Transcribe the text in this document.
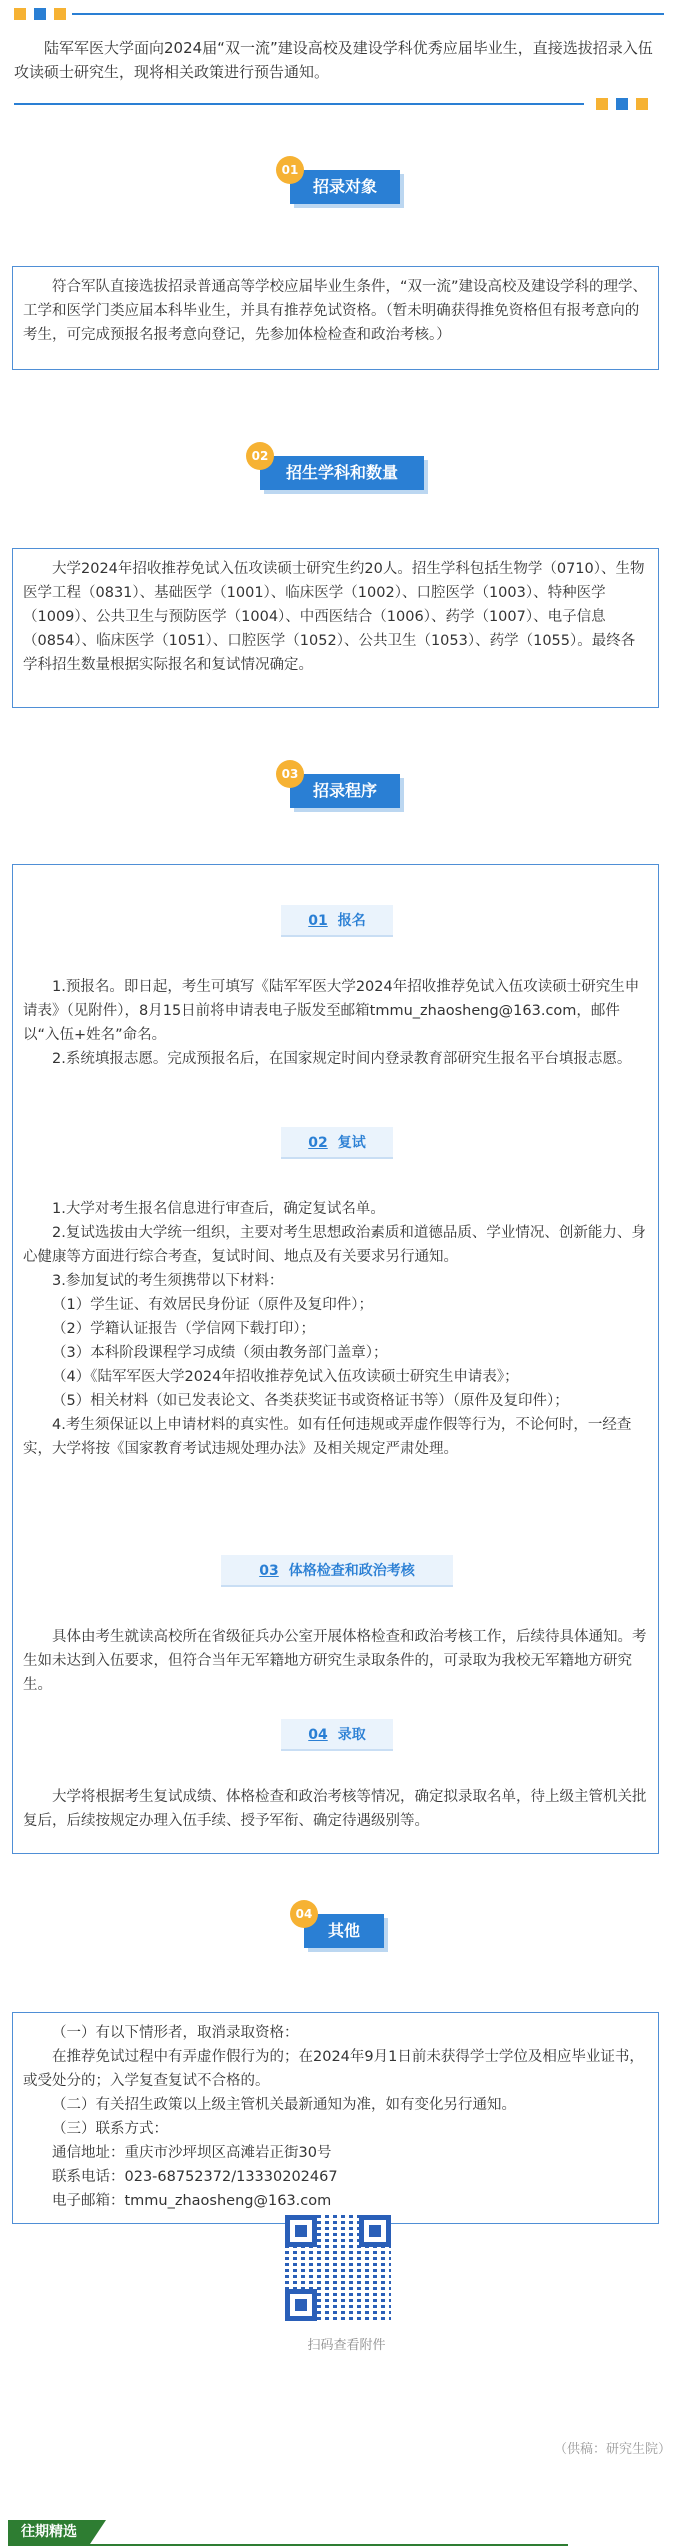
陆军军医大学面向2024届“双一流”建设高校及建设学科优秀应届毕业生，直接选拔招录入伍攻读硕士研究生，现将相关政策进行预告通知。

01
招录对象

符合军队直接选拔招录普通高等学校应届毕业生条件，“双一流”建设高校及建设学科的理学、工学和医学门类应届本科毕业生，并具有推荐免试资格。（暂未明确获得推免资格但有报考意向的考生，可完成预报名报考意向登记，先参加体检检查和政治考核。）

02
招生学科和数量

大学2024年招收推荐免试入伍攻读硕士研究生约20人。招生学科包括生物学（0710）、生物医学工程（0831）、基础医学（1001）、临床医学（1002）、口腔医学（1003）、特种医学（1009）、公共卫生与预防医学（1004）、中西医结合（1006）、药学（1007）、电子信息（0854）、临床医学（1051）、口腔医学（1052）、公共卫生（1053）、药学（1055）。最终各学科招生数量根据实际报名和复试情况确定。

03
招录程序
01 报名

1.预报名。即日起，考生可填写《陆军军医大学2024年招收推荐免试入伍攻读硕士研究生申请表》（见附件），8月15日前将申请表电子版发至邮箱tmmu_zhaosheng@163.com，邮件以“入伍+姓名”命名。

2.系统填报志愿。完成预报名后，在国家规定时间内登录教育部研究生报名平台填报志愿。

02 复试

1.大学对考生报名信息进行审查后，确定复试名单。

2.复试选拔由大学统一组织，主要对考生思想政治素质和道德品质、学业情况、创新能力、身心健康等方面进行综合考查，复试时间、地点及有关要求另行通知。

3.参加复试的考生须携带以下材料：

（1）学生证、有效居民身份证（原件及复印件）；

（2）学籍认证报告（学信网下载打印）；

（3）本科阶段课程学习成绩（须由教务部门盖章）；

（4）《陆军军医大学2024年招收推荐免试入伍攻读硕士研究生申请表》；

（5）相关材料（如已发表论文、各类获奖证书或资格证书等）（原件及复印件）；

4.考生须保证以上申请材料的真实性。如有任何违规或弄虚作假等行为，不论何时，一经查实，大学将按《国家教育考试违规处理办法》及相关规定严肃处理。

03 体格检查和政治考核

具体由考生就读高校所在省级征兵办公室开展体格检查和政治考核工作，后续待具体通知。考生如未达到入伍要求，但符合当年无军籍地方研究生录取条件的，可录取为我校无军籍地方研究生。

04 录取

大学将根据考生复试成绩、体格检查和政治考核等情况，确定拟录取名单，待上级主管机关批复后，后续按规定办理入伍手续、授予军衔、确定待遇级别等。

04
其他

（一）有以下情形者，取消录取资格：

在推荐免试过程中有弄虚作假行为的；在2024年9月1日前未获得学士学位及相应毕业证书，或受处分的；入学复查复试不合格的。

（二）有关招生政策以上级主管机关最新通知为准，如有变化另行通知。

（三）联系方式：

通信地址：重庆市沙坪坝区高滩岩正街30号

联系电话：023-68752372/13330202467

电子邮箱：tmmu_zhaosheng@163.com

扫码查看附件
（供稿：研究生院）
往期精选
